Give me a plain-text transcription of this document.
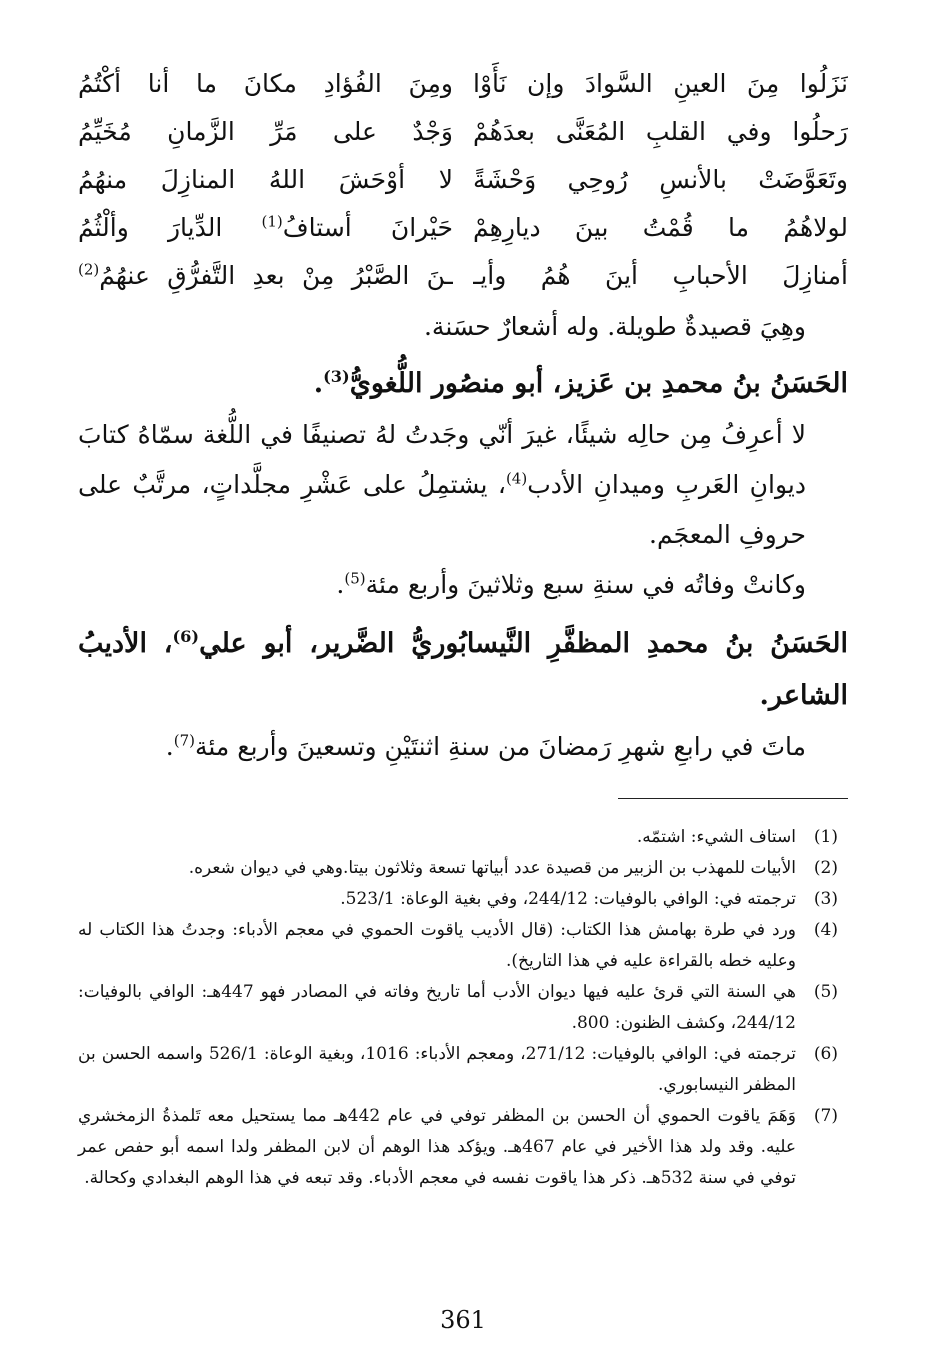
نَزَلُوا مِنَ العينِ السَّوادَ وإن نَأَوْا
ومِنَ الفُؤادِ مكانَ ما أنا أكْتُمُ
رَحلُوا وفي القلبِ المُعَنَّى بعدَهُمْ
وَجْدٌ على مَرِّ الزَّمانِ مُخَيِّمُ
وتَعَوَّضَتْ بالأنسِ رُوحِي وَحْشَةً
لا أوْحَشَ اللهُ المنازِلَ منهُمُ
لولاهُمُ ما قُمْتُ بينَ ديارِهِمْ
حَيْرانَ أستافُ$^{(1)}$ الدِّيارَ وألْثُمُ
أمنازِلَ الأحبابِ أينَ هُمُ وأيـ
ـنَ الصَّبْرُ مِنْ بعدِ التَّفرُّقِ عنهُمُ$^{(2)}$
وهِيَ قصيدةٌ طويلة. وله أشعارٌ حسَنة.
الحَسَنُ بنُ محمدِ بن عَزيز، أبو منصُور اللُّغويُّ$^{(3)}$.
لا أعرِفُ مِن حالِه شيئًا، غيرَ أنّي وجَدتُ لهُ تصنيفًا في اللُّغة سمّاهُ كتابَ ديوانِ العَربِ وميدانِ الأدب$^{(4)}$، يشتمِلُ على عَشْرِ مجلَّداتٍ، مرتَّبٌ على حروفِ المعجَم.
وكانتْ وفاتُه في سنةِ سبع وثلاثينَ وأربع مئة$^{(5)}$.
الحَسَنُ بنُ محمدِ المظفَّرِ النَّيسابُوريُّ الضَّرير، أبو علي$^{(6)}$، الأديبُ الشاعر.
ماتَ في رابعِ شهرِ رَمضانَ من سنةِ اثنتَيْنِ وتسعينَ وأربع مئة$^{(7)}$.
(1)
استاف الشيء: اشتمّه.
(2)
الأبيات للمهذب بن الزبير من قصيدة عدد أبياتها تسعة وثلاثون بيتا.وهي في ديوان شعره.
(3)
ترجمته في: الوافي بالوفيات: 244/12، وفي بغية الوعاة: 523/1.
(4)
ورد في طرة بهامش هذا الكتاب: (قال الأديب ياقوت الحموي في معجم الأدباء: وجدتُ هذا الكتاب له وعليه خطه بالقراءة عليه في هذا التاريخ).
(5)
هي السنة التي قرئ عليه فيها ديوان الأدب أما تاريخ وفاته في المصادر فهو 447هـ: الوافي بالوفيات: 244/12، وكشف الظنون: 800.
(6)
ترجمته في: الوافي بالوفيات: 271/12، ومعجم الأدباء: 1016، وبغية الوعاة: 526/1 واسمه الحسن بن المظفر النيسابوري.
(7)
وَهَمَ ياقوت الحموي أن الحسن بن المظفر توفي في عام 442هـ مما يستحيل معه تَلمذةُ الزمخشري عليه. وقد ولد هذا الأخير في عام 467هـ. ويؤكد هذا الوهم أن لابن المظفر ولدا اسمه أبو حفص عمر توفي في سنة 532هـ. ذكر هذا ياقوت نفسه في معجم الأدباء. وقد تبعه في هذا الوهم البغدادي وكحالة.
361
